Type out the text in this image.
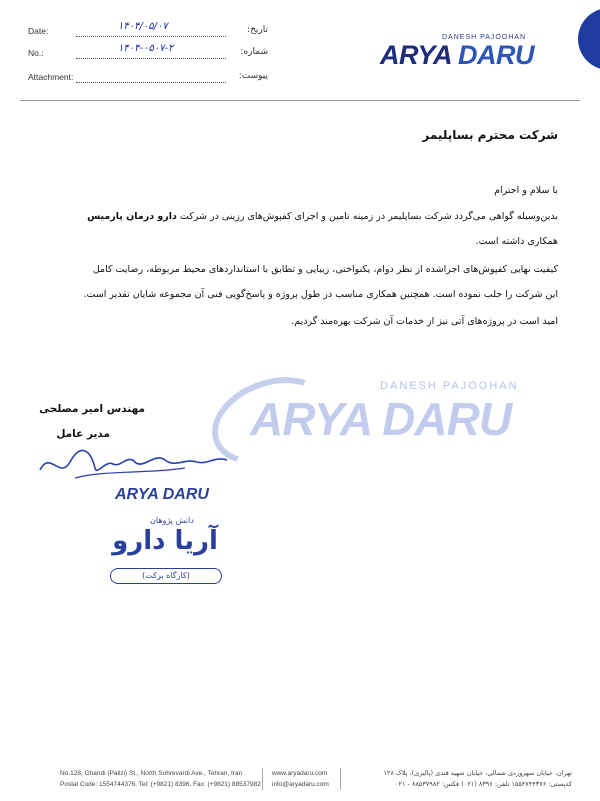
Date:	۱۴۰۴/۰۵/۰۷	تاریخ:
No.:	۱۴۰۴-۰۵۰۷-۲	شماره:
Attachment:	پیوست:
DANESH PAJOOHAN
ARYA DARU
شرکت محترم بساپلیمر
با سلام و احترام
بدین‌وسیله گواهی می‌گردد شرکت بساپلیمر در زمینه تامین و اجرای کفپوش‌های رزینی در شرکت دارو درمان پارمیس
همکاری داشته است.
کیفیت نهایی کفپوش‌های اجراشده از نظر دوام، یکنواختی، زیبایی و تطابق با استانداردهای محیط مربوطه، رضایت کامل
این شرکت را جلب نموده است. همچنین همکاری مناسب در طول پروژه و پاسخ‌گویی فنی آن مجموعه شایان تقدیر است.
امید است در پروژه‌های آتی نیز از خدمات آن شرکت بهره‌مند گردیم.
DANESH PAJOOHAN
ARYA DARU
مهندس امیر مصلحی
مدیر عامل
ARYA DARU
دانش پژوهان
آریا دارو
(کارگاه برکت)
No.128, Ghandi (Palizi) St., North Sohrevardi Ave., Tehran, Iran
Postal Code: 1554744376, Tel: (+9821) 8396, Fax: (+9821) 88537982
www.aryadaru.com
info@aryadaru.com
تهران، خیابان سهروردی شمالی، خیابان شهید قندی (پالیزی)، پلاک ۱۲۸
کدپستی: ۱۵۵۴۷۴۴۳۷۶ تلفن: ۸۳۹۶ (۰۲۱) فکس: ۸۸۵۳۷۹۸۲ - ۰۲۱
